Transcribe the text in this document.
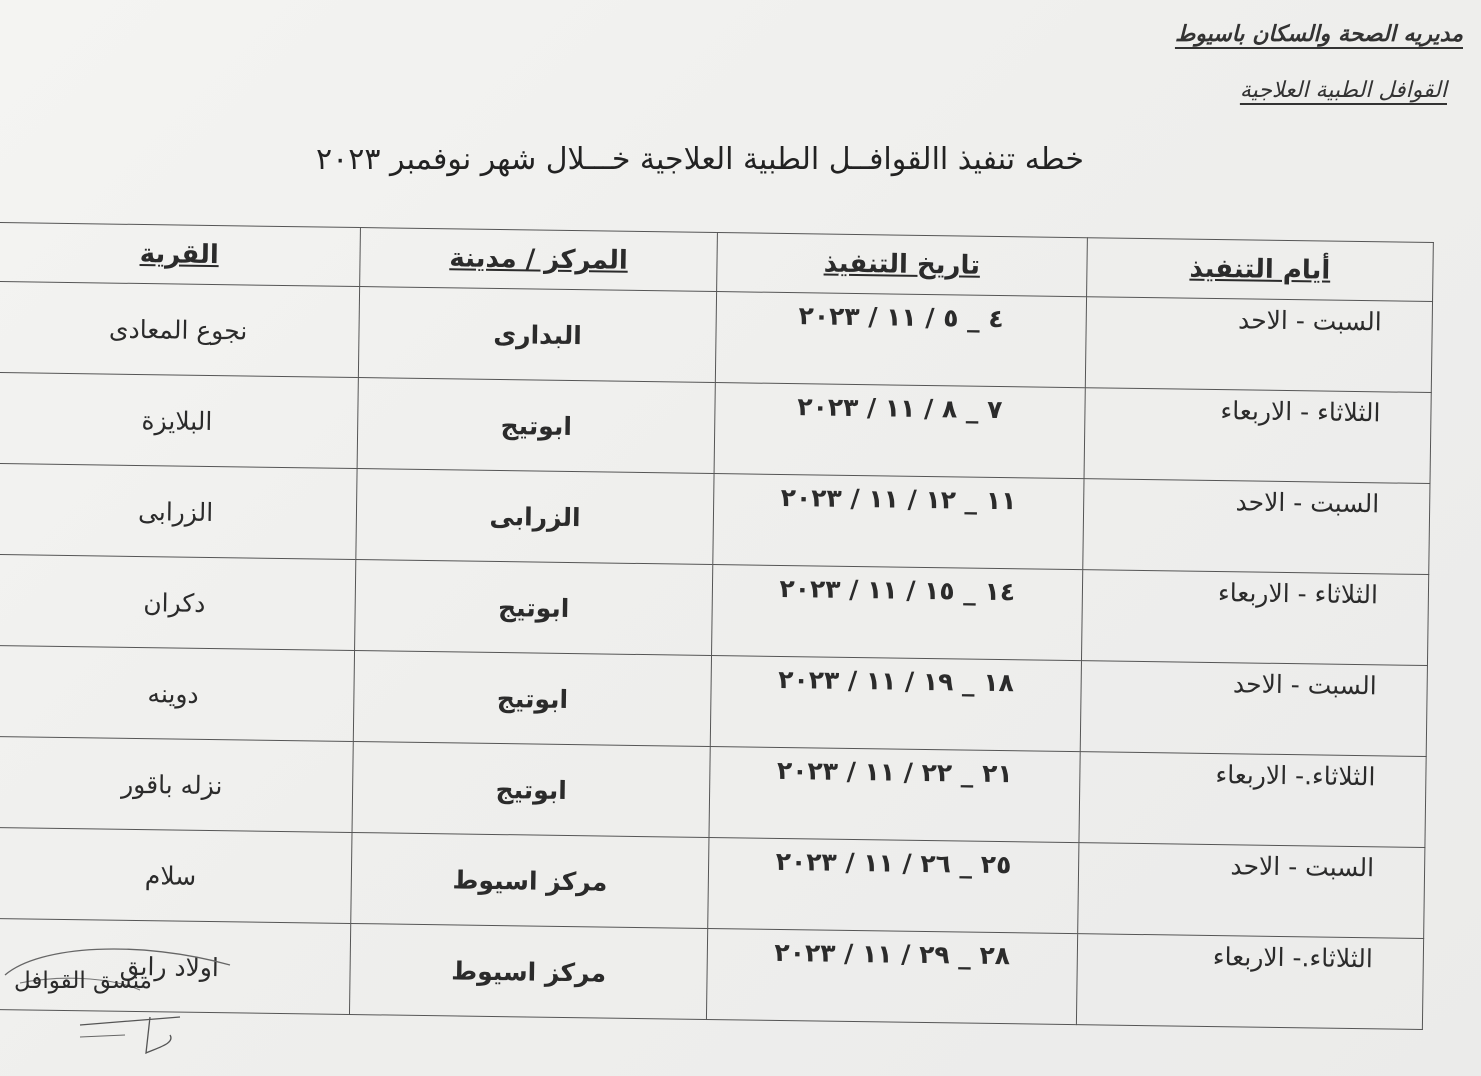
مديريه الصحة والسكان باسيوط
القوافل الطبية العلاجية
خطه تنفيذ االقوافــل الطبية العلاجية خـــلال شهر نوفمبر ٢٠٢٣
أيام التنفيذ	تاريخ التنفيذ	المركز / مدينة	القرية
السبت - الاحد	٤ _ ٥ / ١١ / ٢٠٢٣	البدارى	نجوع المعادى
الثلاثاء - الاربعاء	٧ _ ٨ / ١١ / ٢٠٢٣	ابوتيج	البلايزة
السبت - الاحد	١١ _ ١٢ / ١١ / ٢٠٢٣	الزرابى	الزرابى
الثلاثاء - الاربعاء	١٤ _ ١٥ / ١١ / ٢٠٢٣	ابوتيج	دكران
السبت - الاحد	١٨ _ ١٩ / ١١ / ٢٠٢٣	ابوتيج	دوينه
الثلاثاء.- الاربعاء	٢١ _ ٢٢ / ١١ / ٢٠٢٣	ابوتيج	نزله باقور
السبت - الاحد	٢٥ _ ٢٦ / ١١ / ٢٠٢٣	مركز اسيوط	سلام
الثلاثاء.- الاربعاء	٢٨ _ ٢٩ / ١١ / ٢٠٢٣	مركز اسيوط	اولاد رايق
منسق القوافل
